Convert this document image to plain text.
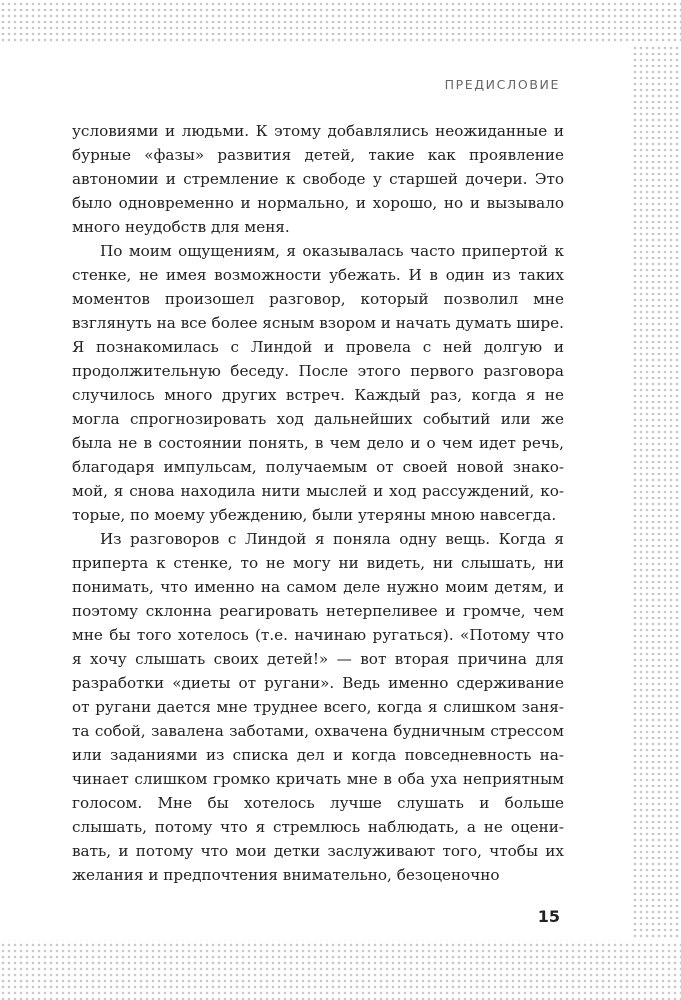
ПРЕДИСЛОВИЕ

условиями и людьми. К этому добавлялись неожиданные и бурные «фазы» развития детей, такие как проявление автономии и стремление к свободе у старшей дочери. Это было одновременно и нормально, и хорошо, но и вызывало много неудобств для меня.

По моим ощущениям, я оказывалась часто припертой к стенке, не имея возможности убежать. И в один из таких моментов произошел разговор, который позволил мне взглянуть на все более ясным взором и начать думать шире. Я познакомилась с Линдой и провела с ней долгую и продолжительную беседу. После этого первого разговора случилось много других встреч. Каждый раз, когда я не могла спрогнозировать ход дальнейших событий или же была не в состоянии понять, в чем дело и о чем идет речь, благодаря импульсам, получаемым от своей новой знакомой, я снова находила нити мыслей и ход рассуждений, которые, по моему убеждению, были утеряны мною навсегда.

Из разговоров с Линдой я поняла одну вещь. Когда я приперта к стенке, то не могу ни видеть, ни слышать, ни понимать, что именно на самом деле нужно моим детям, и поэтому склонна реагировать нетерпеливее и громче, чем мне бы того хотелось (т.е. начинаю ругаться). «Потому что я хочу слышать своих детей!» — вот вторая причина для разработки «диеты от ругани». Ведь именно сдерживание от ругани дается мне труднее всего, когда я слишком занята собой, завалена заботами, охвачена будничным стрессом или заданиями из списка дел и когда повседневность начинает слишком громко кричать мне в оба уха неприятным голосом. Мне бы хотелось лучше слушать и больше слышать, потому что я стремлюсь наблюдать, а не оценивать, и потому что мои детки заслуживают того, чтобы их желания и предпочтения внимательно, безоценочно

15
